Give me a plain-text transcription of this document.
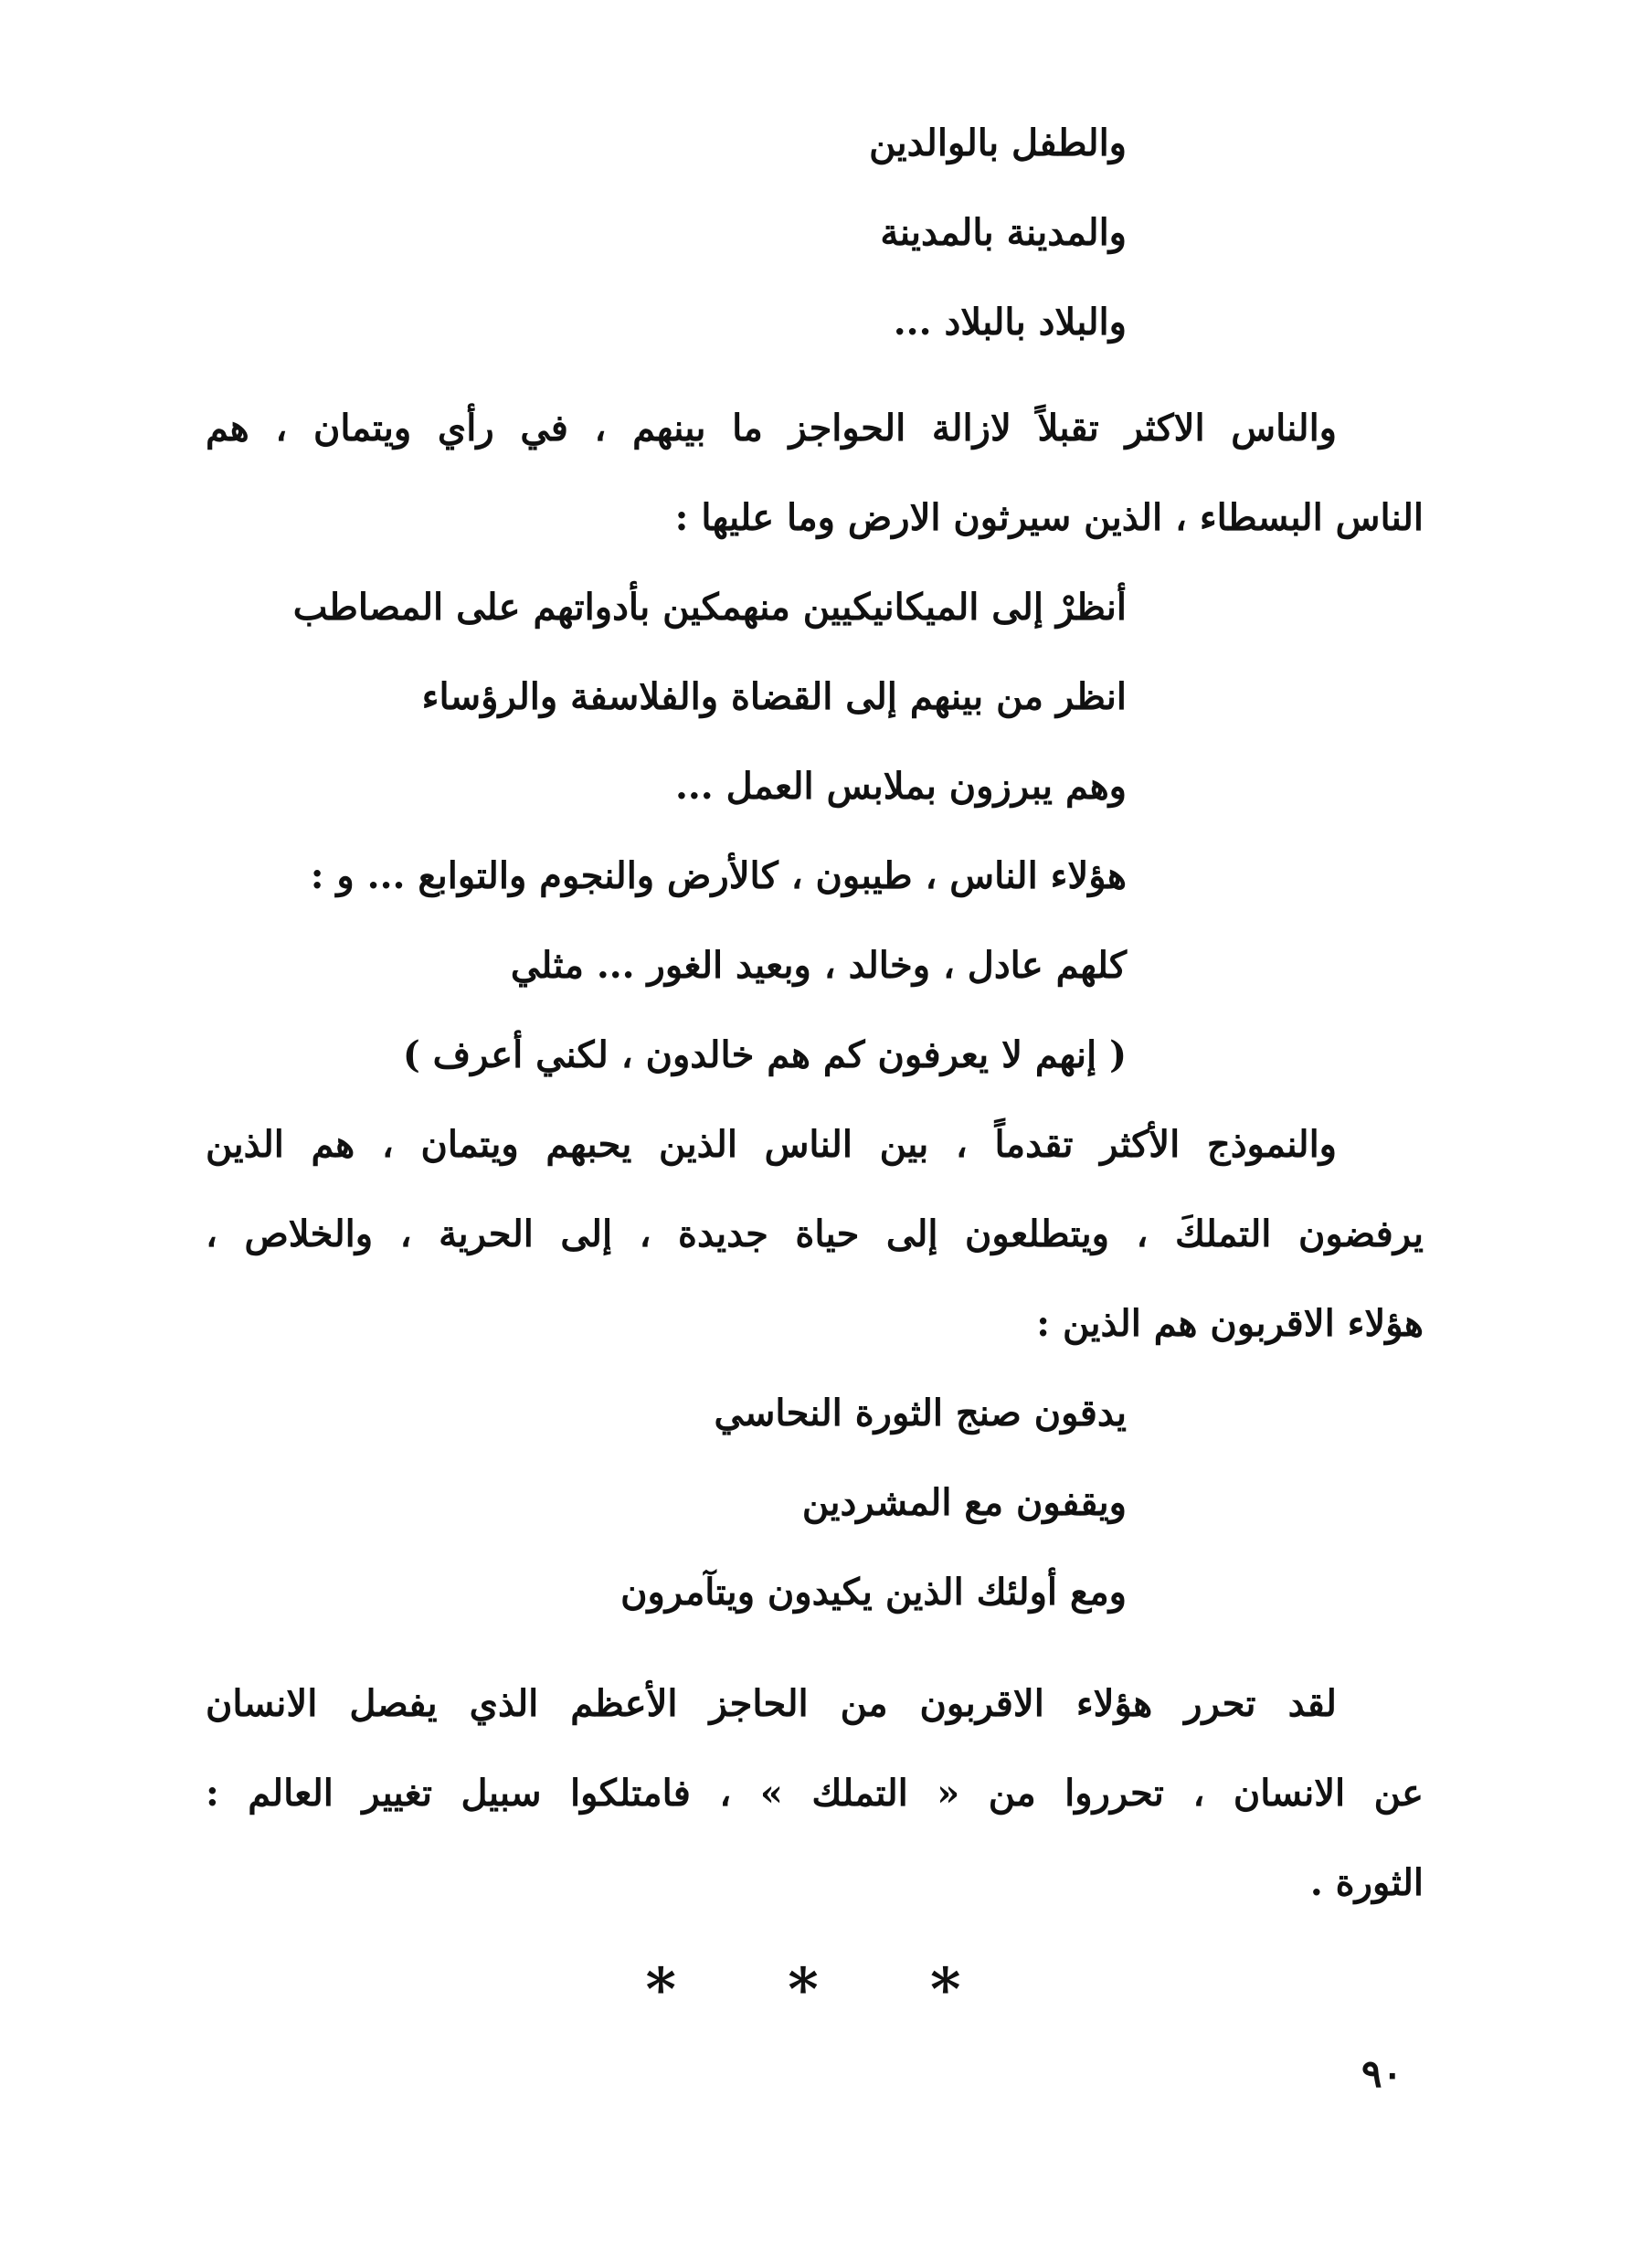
والطفل بالوالدين
والمدينة بالمدينة
والبلاد بالبلاد ...
والناس الاكثر تقبلاً لازالة الحواجز ما بينهم ، في رأي ويتمان ، هم
الناس البسطاء ، الذين سيرثون الارض وما عليها :
أنظرْ إلى الميكانيكيين منهمكين بأدواتهم على المصاطب
انظر من بينهم إلى القضاة والفلاسفة والرؤساء
وهم يبرزون بملابس العمل ...
هؤلاء الناس ، طيبون ، كالأرض والنجوم والتوابع ... و :
كلهم عادل ، وخالد ، وبعيد الغور ... مثلي
( إنهم لا يعرفون كم هم خالدون ، لكني أعرف )
والنموذج الأكثر تقدماً ، بين الناس الذين يحبهم ويتمان ، هم الذين
يرفضون التملكَ ، ويتطلعون إلى حياة جديدة ، إلى الحرية ، والخلاص ،
هؤلاء الاقربون هم الذين :
يدقون صنج الثورة النحاسي
ويقفون مع المشردين
ومع أولئك الذين يكيدون ويتآمرون
لقد تحرر هؤلاء الاقربون من الحاجز الأعظم الذي يفصل الانسان
عن الانسان ، تحرروا من « التملك » ، فامتلكوا سبيل تغيير العالم :
الثورة .
* * *
٩٠
